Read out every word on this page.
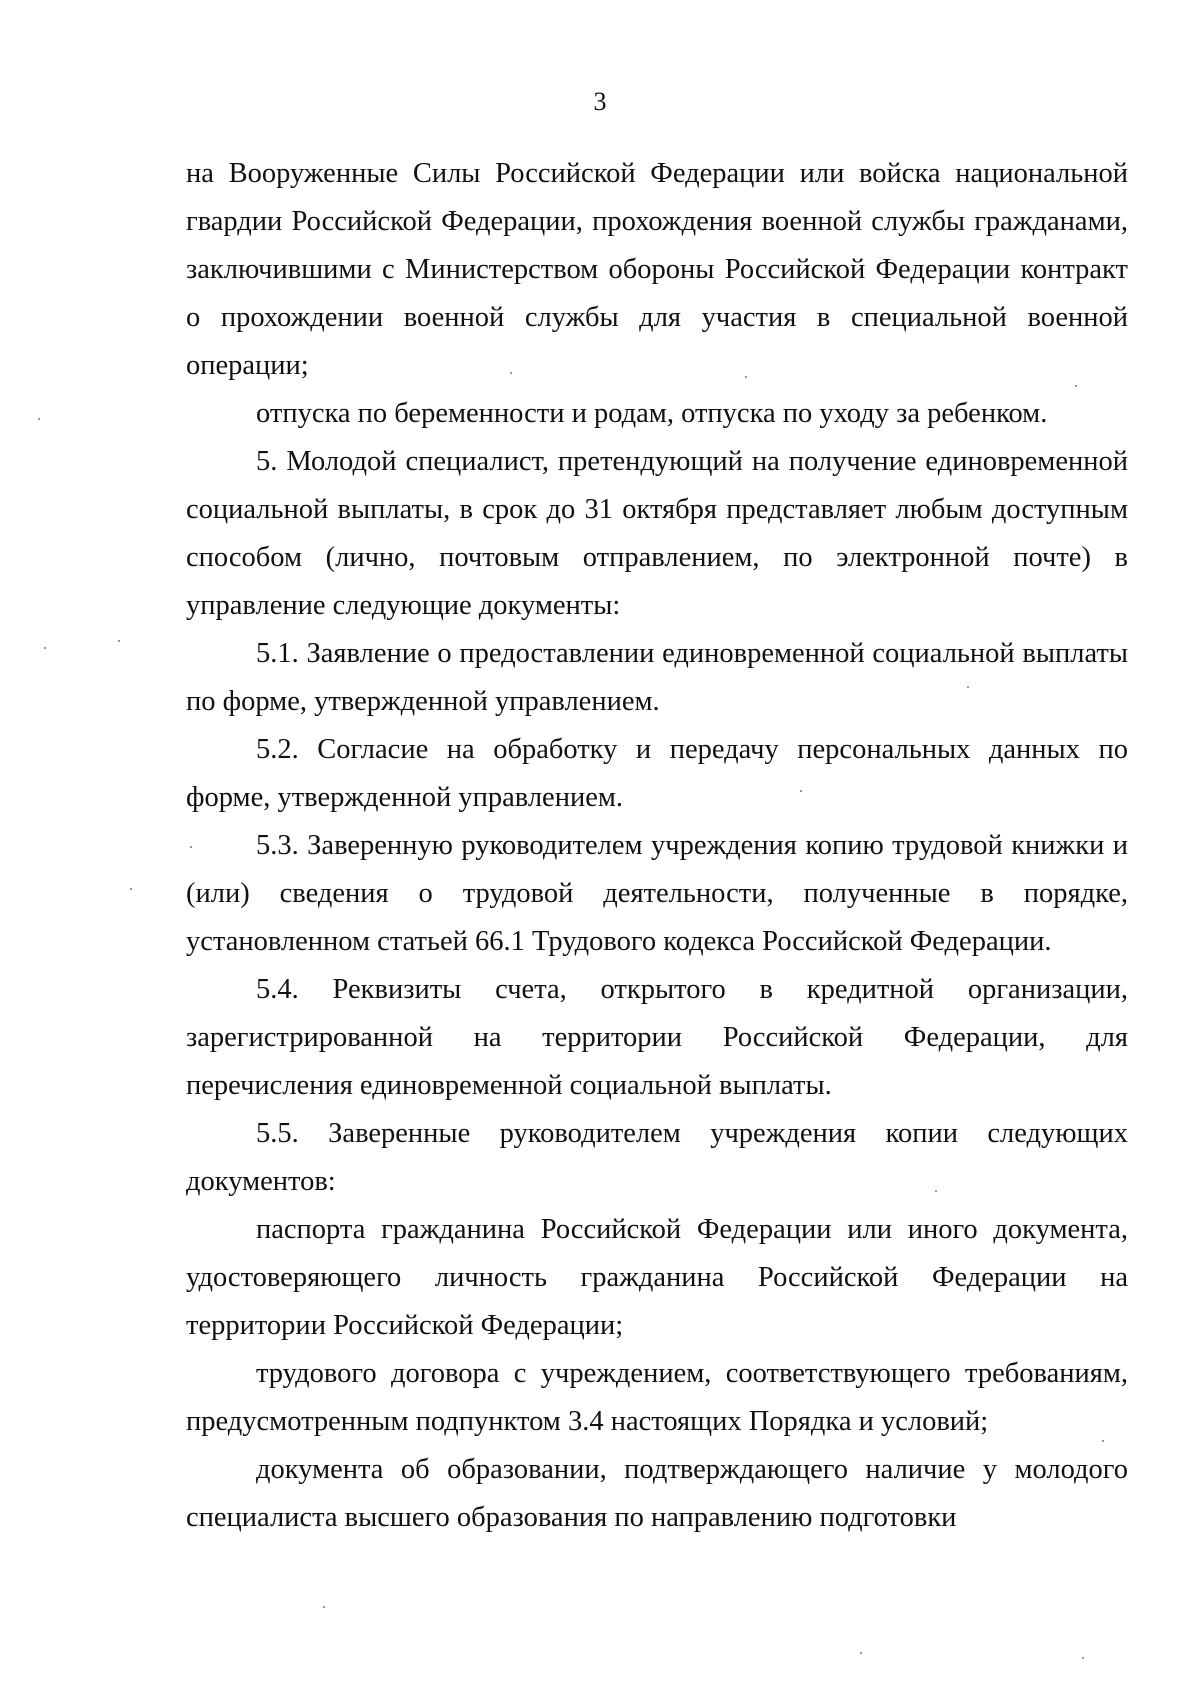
3

на Вооруженные Силы Российской Федерации или войска национальной гвардии Российской Федерации, прохождения военной службы гражданами, заключившими с Министерством обороны Российской Федерации контракт о прохождении военной службы для участия в специальной военной операции;

отпуска по беременности и родам, отпуска по уходу за ребенком.

5. Молодой специалист, претендующий на получение единовременной социальной выплаты, в срок до 31 октября представляет любым доступным способом (лично, почтовым отправлением, по электронной почте) в управление следующие документы:

5.1. Заявление о предоставлении единовременной социальной выплаты по форме, утвержденной управлением.

5.2. Согласие на обработку и передачу персональных данных по форме, утвержденной управлением.

5.3. Заверенную руководителем учреждения копию трудовой книжки и (или) сведения о трудовой деятельности, полученные в порядке, установленном статьей 66.1 Трудового кодекса Российской Федерации.

5.4. Реквизиты счета, открытого в кредитной организации, зарегистрированной на территории Российской Федерации, для перечисления единовременной социальной выплаты.

5.5. Заверенные руководителем учреждения копии следующих документов:

паспорта гражданина Российской Федерации или иного документа, удостоверяющего личность гражданина Российской Федерации на территории Российской Федерации;

трудового договора с учреждением, соответствующего требованиям, предусмотренным подпунктом 3.4 настоящих Порядка и условий;

документа об образовании, подтверждающего наличие у молодого специалиста высшего образования по направлению подготовки
